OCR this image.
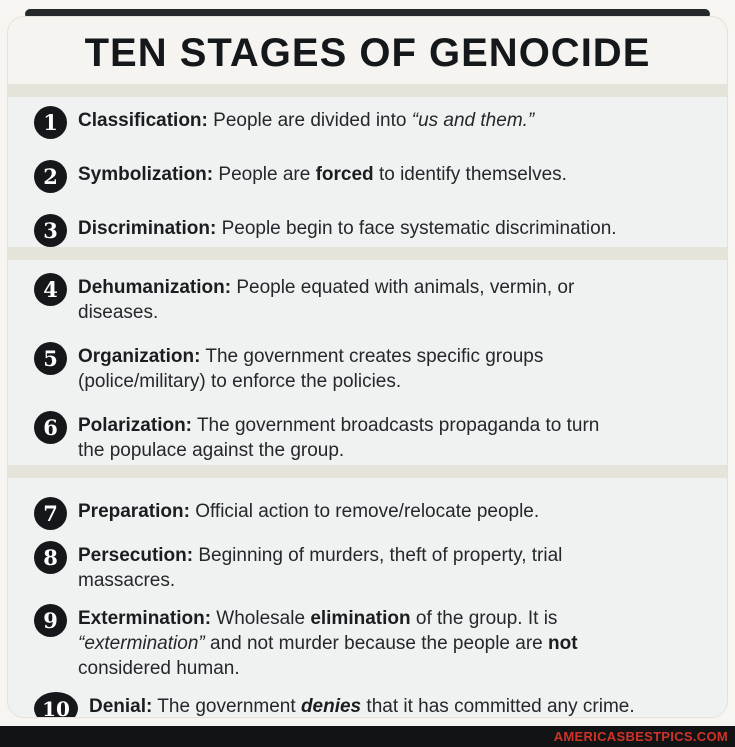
TEN STAGES OF GENOCIDE
1	Classification: People are divided into “us and them.”

2	Symbolization: People are forced to identify themselves.

3	Discrimination: People begin to face systematic discrimination.

4	Dehumanization: People equated with animals, vermin, or
diseases.

5	Organization: The government creates specific groups
(police/military) to enforce the policies.

6	Polarization: The government broadcasts propaganda to turn
the populace against the group.

7	Preparation: Official action to remove/relocate people.

8	Persecution: Beginning of murders, theft of property, trial
massacres.

9	Extermination: Wholesale elimination of the group. It is
“extermination” and not murder because the people are not
considered human.

10	Denial: The government denies that it has committed any crime.

AMERICASBESTPICS.COM
